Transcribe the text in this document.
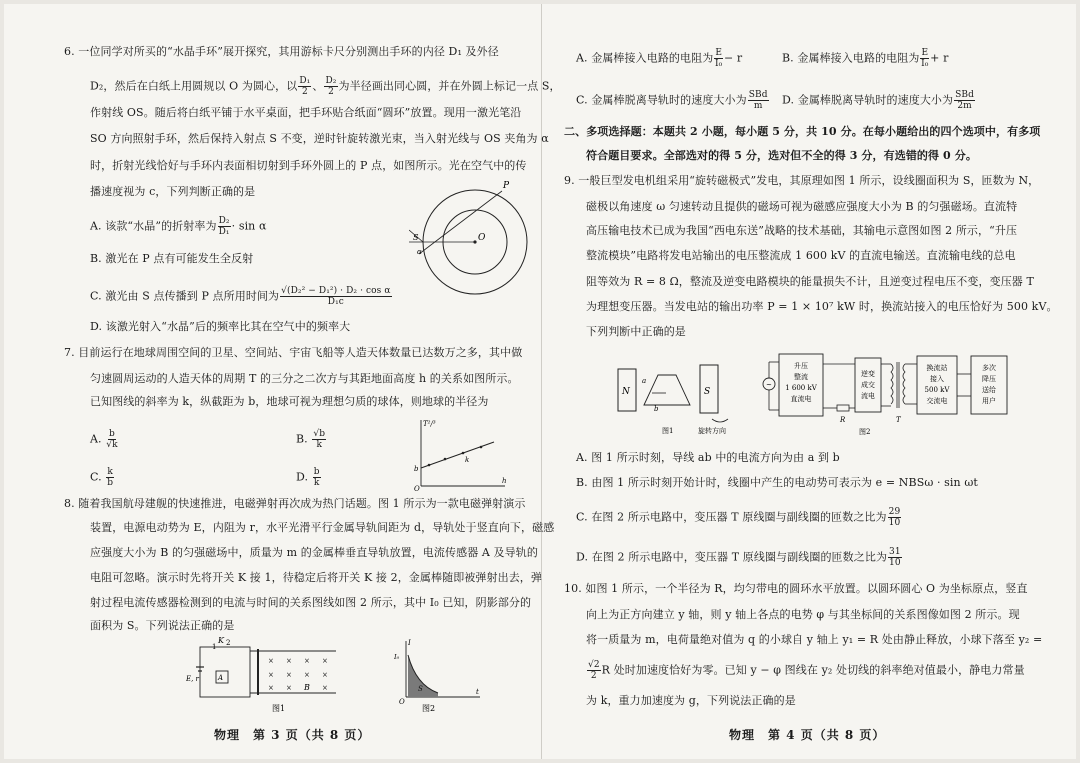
6. 一位同学对所买的“水晶手环”展开探究，其用游标卡尺分别测出手环的内径 D₁ 及外径
D₂，然后在白纸上用圆规以 O 为圆心，以 $\frac{\text{D₁}}{2}$ 、 $\frac{\text{D₂}}{2}$ 为半径画出同心圆，并在外圆上标记一点 S，
作射线 OS。随后将白纸平铺于水平桌面，把手环贴合纸面“圆环”放置。现用一激光笔沿
SO 方向照射手环，然后保持入射点 S 不变，逆时针旋转激光束，当入射光线与 OS 夹角为 α
时，折射光线恰好与手环内表面相切射到手环外圆上的 P 点，如图所示。光在空气中的传
播速度视为 c，下列判断正确的是
A. 该款“水晶”的折射率为 $\frac{\text{D₂}}{\text{D₁}} \cdot \sin \alpha$
B. 激光在 P 点有可能发生全反射
C. 激光由 S 点传播到 P 点所用时间为 $\frac{\text{√(D₂² − D₁²) · D₂ · cos α}}{\text{D₁c}}$
D. 该激光射入“水晶”后的频率比其在空气中的频率大
P
S
α
O
7. 目前运行在地球周围空间的卫星、空间站、宇宙飞船等人造天体数量已达数万之多，其中做
匀速圆周运动的人造天体的周期 T 的三分之二次方与其距地面高度 h 的关系如图所示。
已知图线的斜率为 k，纵截距为 b，地球可视为理想匀质的球体，则地球的半径为
A. $\frac{b}{√k}$	B. $\frac{√b}{k}$
C. $\frac{k}{b}$	D. $\frac{b}{k}$
T²/³
h
b
k
O
8. 随着我国航母建舰的快速推进，电磁弹射再次成为热门话题。图 1 所示为一款电磁弹射演示
装置，电源电动势为 E，内阻为 r，水平光滑平行金属导轨间距为 d，导轨处于竖直向下，磁感
应强度大小为 B 的匀强磁场中，质量为 m 的金属棒垂直导轨放置，电流传感器 A 及导轨的
电阻可忽略。演示时先将开关 K 接 1，待稳定后将开关 K 接 2，金属棒随即被弹射出去，弹
射过程电流传感器检测到的电流与时间的关系图线如图 2 所示，其中 I₀ 已知，阴影部分的
面积为 S。下列说法正确的是
× × × ×
× × × ×
× ×	×
K
1 2
E, r	A
B
图1
I
I₀
S	t
O
图2
物理　第 3 页（共 8 页）
A. 金属棒接入电路的电阻为 $\frac{E}{\text{I₀}} - r$	B. 金属棒接入电路的电阻为 $\frac{E}{\text{I₀}} + r$
C. 金属棒脱离导轨时的速度大小为 $\frac{\text{SBd}}{m} D$. 金属棒脱离导轨时的速度大小为 $\frac{\text{SBd}}{2m}$
二、多项选择题：本题共 2 小题，每小题 5 分，共 10 分。在每小题给出的四个选项中，有多项
符合题目要求。全部选对的得 5 分，选对但不全的得 3 分，有选错的得 0 分。
9. 一般巨型发电机组采用“旋转磁极式”发电，其原理如图 1 所示，设线圈面积为 S，匝数为 N，
磁极以角速度 ω 匀速转动且提供的磁场可视为磁感应强度大小为 B 的匀强磁场。直流特
高压输电技术已成为我国“西电东送”战略的技术基础，其输电示意图如图 2 所示，“升压
整流模块”电路将发电站输出的电压整流成 1 600 kV 的直流电输送。直流输电线的总电
阻等效为 R = 8 Ω，整流及逆变电路模块的能量损失不计，且逆变过程电压不变，变压器 T
为理想变压器。当发电站的输出功率 P = 1 × 10⁷ kW 时，换流站接入的电压恰好为 500 kV。
下列判断中正确的是
N	S
a
b
旋转方向
图1
~
升压
整流
1 600 kV
直流电
逆变
成交
流电
换流站
接入
500 kV
交流电
多次
降压
送给
用户
R	T
图2
A. 图 1 所示时刻，导线 ab 中的电流方向为由 a 到 b
B. 由图 1 所示时刻开始计时，线圈中产生的电动势可表示为 e = NBSω · sin ωt
C. 在图 2 所示电路中，变压器 T 原线圈与副线圈的匝数之比为 $\frac{29}{10}$
D. 在图 2 所示电路中，变压器 T 原线圈与副线圈的匝数之比为 $\frac{31}{10}$
10. 如图 1 所示，一个半径为 R，均匀带电的圆环水平放置。以圆环圆心 O 为坐标原点，竖直
向上为正方向建立 y 轴，则 y 轴上各点的电势 φ 与其坐标间的关系图像如图 2 所示。现
将一质量为 m，电荷量绝对值为 q 的小球自 y 轴上 y₁ = R 处由静止释放，小球下落至 y₂ =
$\frac{√2}{2}$ R 处时加速度恰好为零。已知 y − φ 图线在 y₂ 处切线的斜率绝对值最小，静电力常量
为 k，重力加速度为 g，下列说法正确的是
物理　第 4 页（共 8 页）
